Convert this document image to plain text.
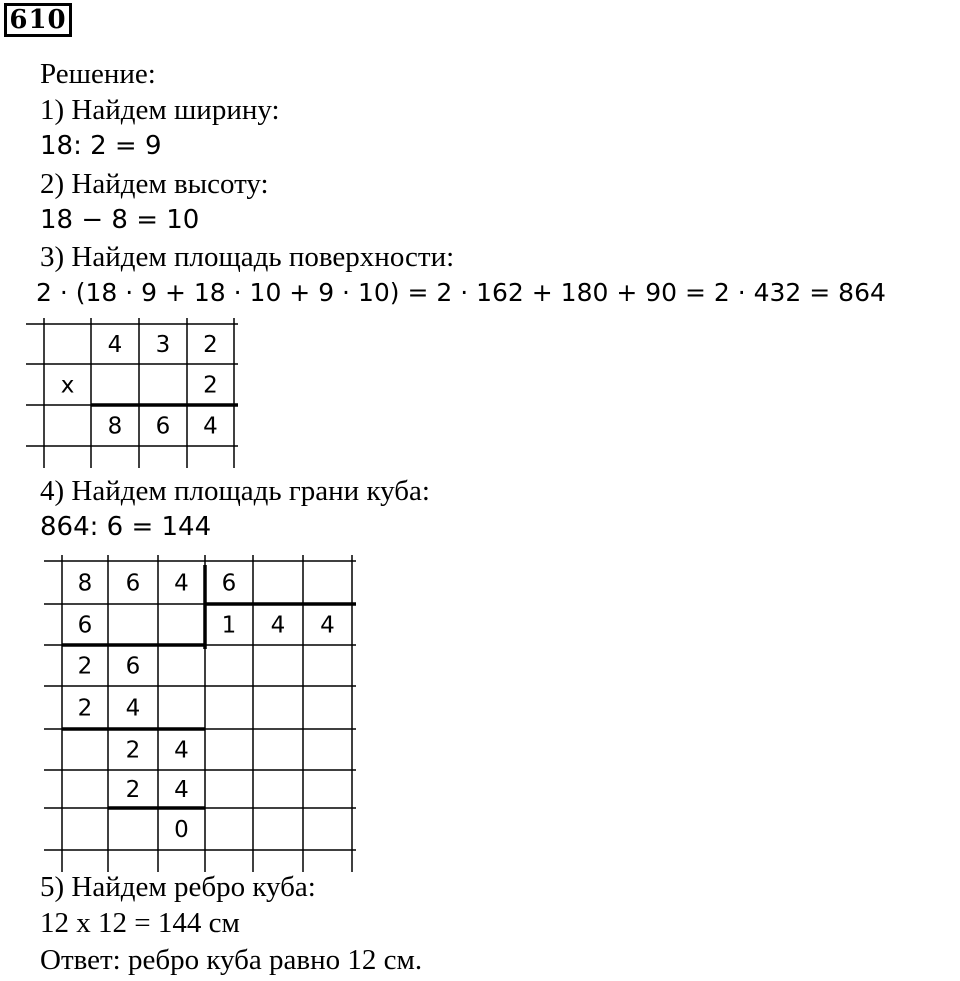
610
Решение:
1) Найдем ширину:
18: 2 = 9
2) Найдем высоту:
18 − 8 = 10
3) Найдем площадь поверхности:
2 · (18 · 9 + 18 · 10 + 9 · 10) = 2 · 162 + 180 + 90 = 2 · 432 = 864
4 3 2
х	2
8 6 4
4) Найдем площадь грани куба:
864: 6 = 144
8 6 4 6
6	1 4 4
2 6
2 4
2 4
2 4
0
5) Найдем ребро куба:
12 х 12 = 144 см
Ответ: ребро куба равно 12 см.
